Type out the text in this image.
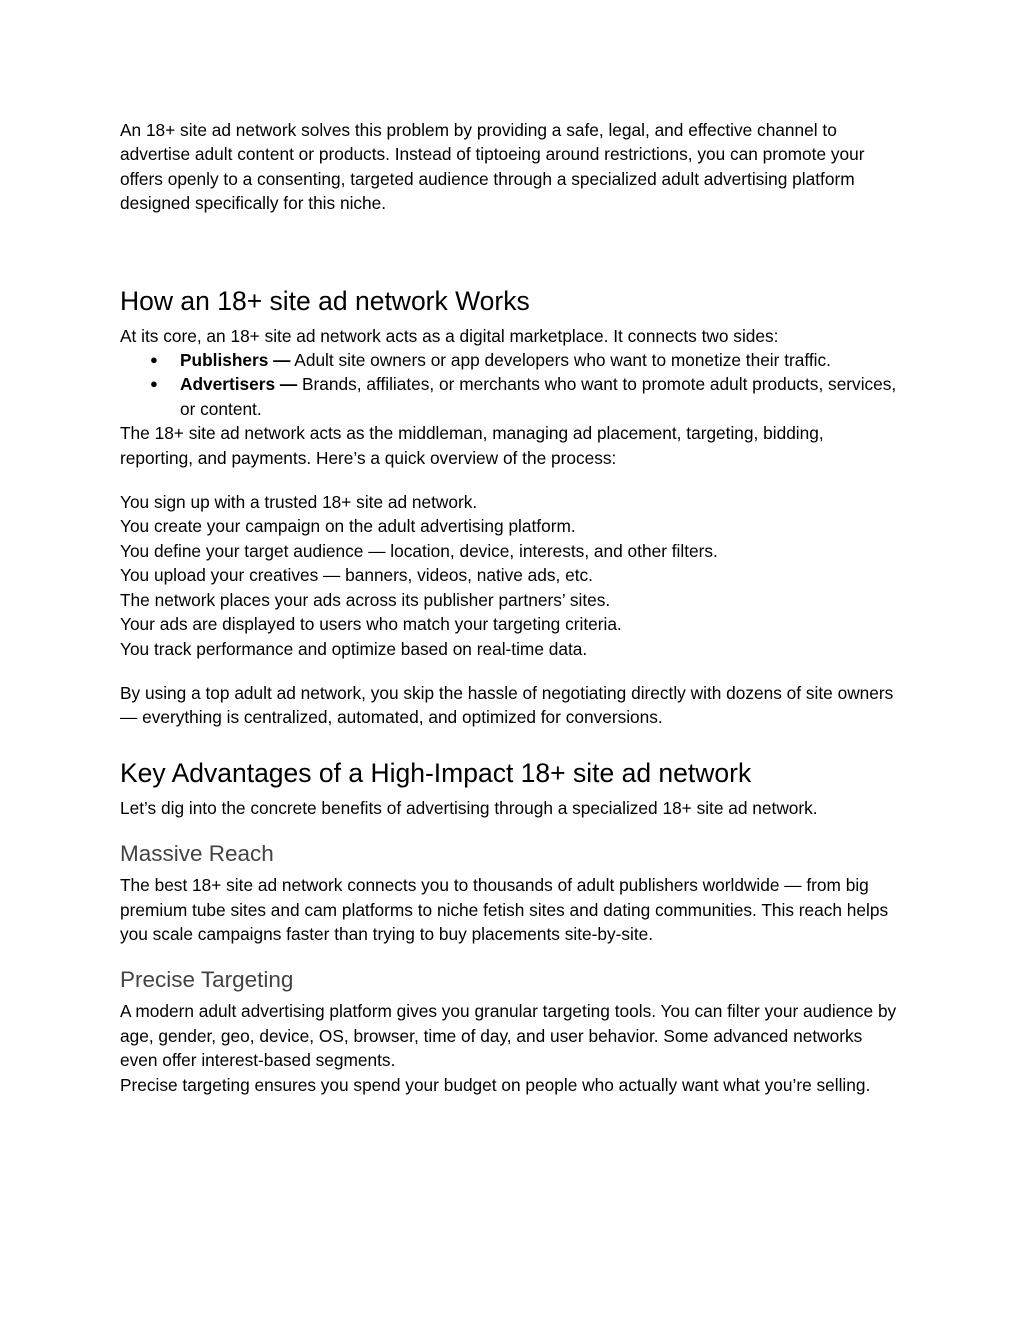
An 18+ site ad network solves this problem by providing a safe, legal, and effective channel to advertise adult content or products. Instead of tiptoeing around restrictions, you can promote your offers openly to a consenting, targeted audience through a specialized adult advertising platform designed specifically for this niche.

How an 18+ site ad network Works

At its core, an 18+ site ad network acts as a digital marketplace. It connects two sides:

● Publishers — Adult site owners or app developers who want to monetize their traffic.
● Advertisers — Brands, affiliates, or merchants who want to promote adult products, services, or content.

The 18+ site ad network acts as the middleman, managing ad placement, targeting, bidding, reporting, and payments. Here’s a quick overview of the process:

You sign up with a trusted 18+ site ad network.
You create your campaign on the adult advertising platform.
You define your target audience — location, device, interests, and other filters.
You upload your creatives — banners, videos, native ads, etc.
The network places your ads across its publisher partners’ sites.
Your ads are displayed to users who match your targeting criteria.
You track performance and optimize based on real-time data.

By using a top adult ad network, you skip the hassle of negotiating directly with dozens of site owners — everything is centralized, automated, and optimized for conversions.

Key Advantages of a High-Impact 18+ site ad network

Let’s dig into the concrete benefits of advertising through a specialized 18+ site ad network.

Massive Reach

The best 18+ site ad network connects you to thousands of adult publishers worldwide — from big premium tube sites and cam platforms to niche fetish sites and dating communities. This reach helps you scale campaigns faster than trying to buy placements site-by-site.

Precise Targeting

A modern adult advertising platform gives you granular targeting tools. You can filter your audience by age, gender, geo, device, OS, browser, time of day, and user behavior. Some advanced networks even offer interest-based segments.

Precise targeting ensures you spend your budget on people who actually want what you’re selling.
